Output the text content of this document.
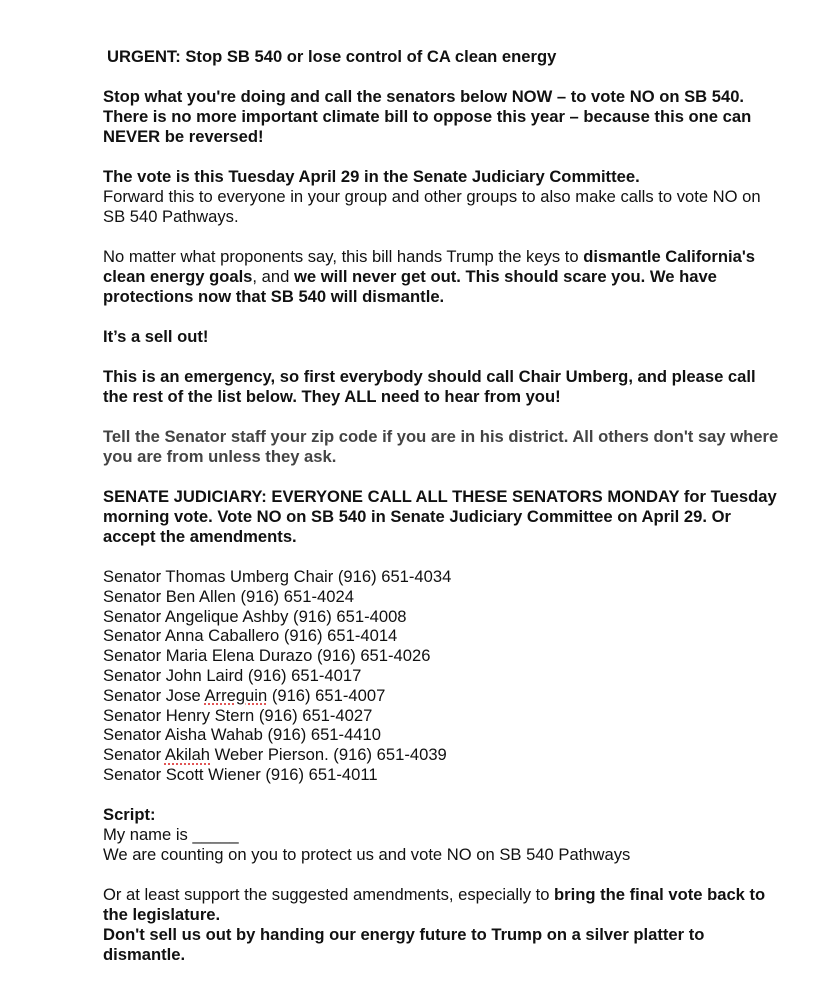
URGENT: Stop SB 540 or lose control of CA clean energy

Stop what you're doing and call the senators below NOW – to vote NO on SB 540. There is no more important climate bill to oppose this year – because this one can NEVER be reversed!

The vote is this Tuesday April 29 in the Senate Judiciary Committee.

Forward this to everyone in your group and other groups to also make calls to vote NO on SB 540 Pathways.

No matter what proponents say, this bill hands Trump the keys to dismantle California's clean energy goals, and we will never get out. This should scare you. We have protections now that SB 540 will dismantle.

It’s a sell out!

This is an emergency, so first everybody should call Chair Umberg, and please call the rest of the list below. They ALL need to hear from you!

Tell the Senator staff your zip code if you are in his district. All others don't say where you are from unless they ask.

SENATE JUDICIARY: EVERYONE CALL ALL THESE SENATORS MONDAY for Tuesday morning vote. Vote NO on SB 540 in Senate Judiciary Committee on April 29. Or accept the amendments.

Senator Thomas Umberg Chair (916) 651-4034

Senator Ben Allen (916) 651-4024

Senator Angelique Ashby (916) 651-4008

Senator Anna Caballero (916) 651-4014

Senator Maria Elena Durazo (916) 651-4026

Senator John Laird (916) 651-4017

Senator Jose Arreguin (916) 651-4007

Senator Henry Stern (916) 651-4027

Senator Aisha Wahab (916) 651-4410

Senator Akilah Weber Pierson. (916) 651-4039

Senator Scott Wiener (916) 651-4011

Script:

My name is _____

We are counting on you to protect us and vote NO on SB 540 Pathways

Or at least support the suggested amendments, especially to bring the final vote back to the legislature.

Don't sell us out by handing our energy future to Trump on a silver platter to dismantle.
